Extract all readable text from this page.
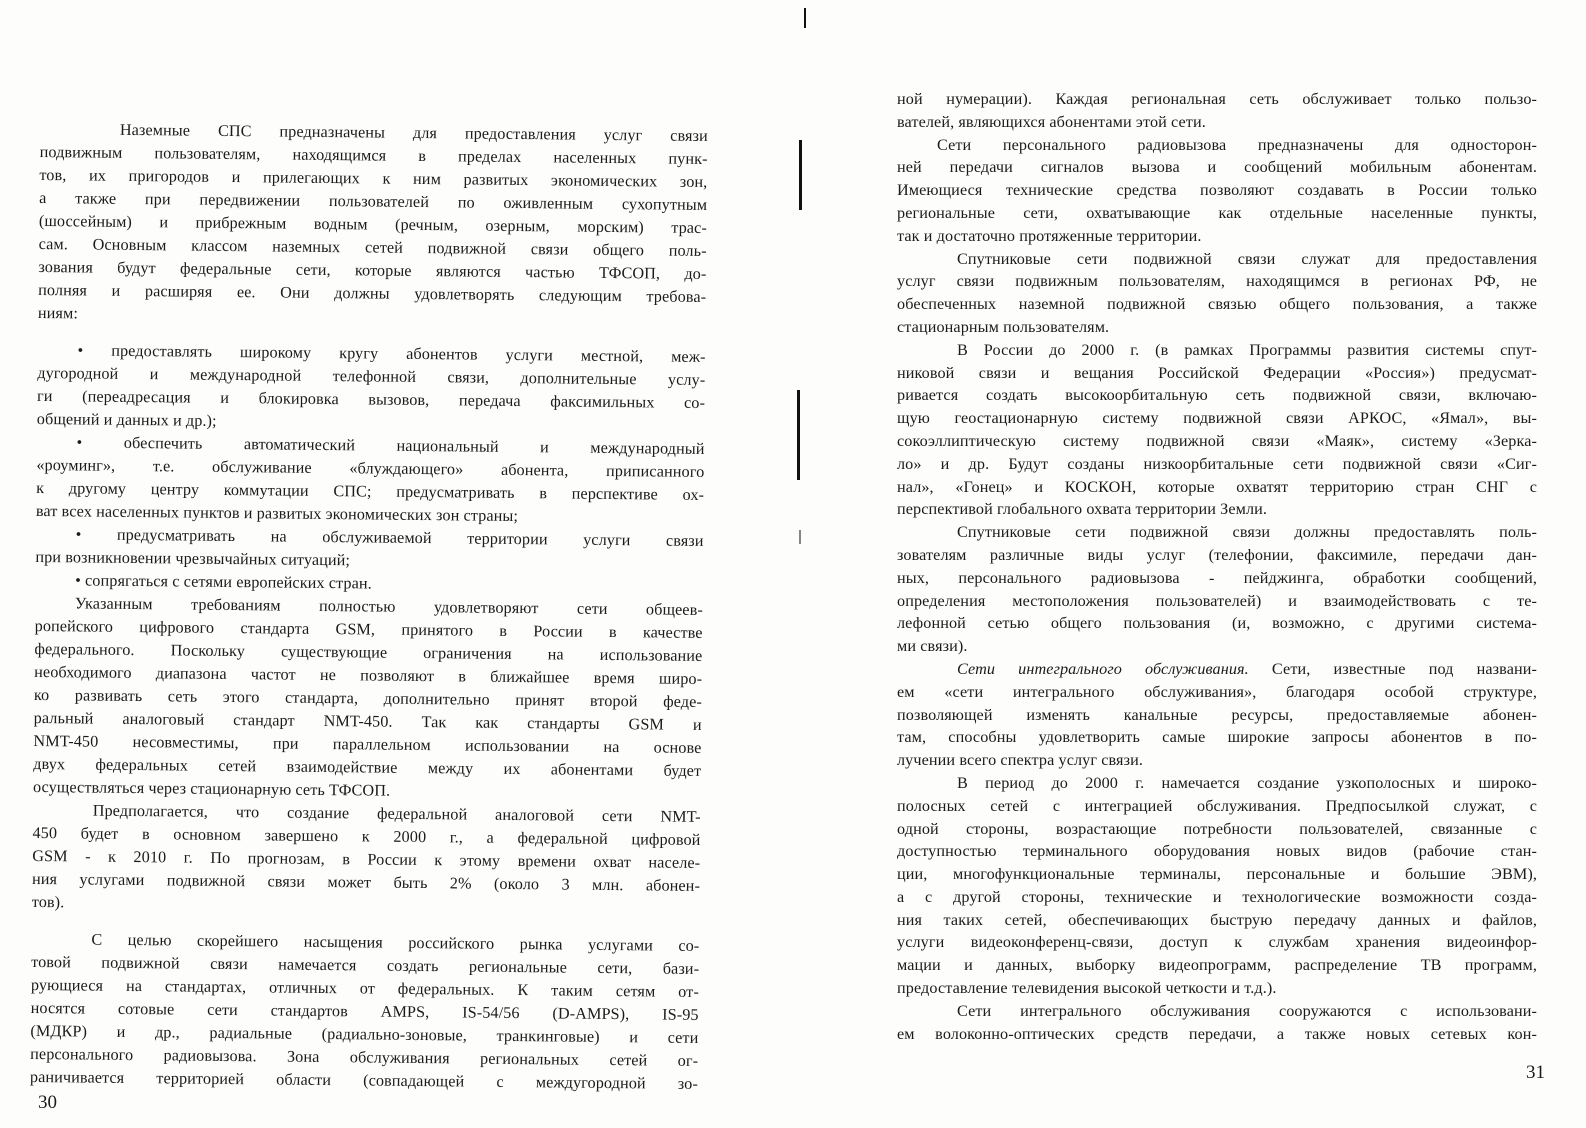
Наземные СПС предназначены для предоставления услуг связи
подвижным пользователям, находящимся в пределах населенных пунк-
тов, их пригородов и прилегающих к ним развитых экономических зон,
а также при передвижении пользователей по оживленным сухопутным
(шоссейным) и прибрежным водным (речным, озерным, морским) трас-
сам. Основным классом наземных сетей подвижной связи общего поль-
зования будут федеральные сети, которые являются частью ТФСОП, до-
полняя и расширяя ее. Они должны удовлетворять следующим требова-
ниям:
• предоставлять широкому кругу абонентов услуги местной, меж-
дугородной и международной телефонной связи, дополнительные услу-
ги (переадресация и блокировка вызовов, передача факсимильных со-
общений и данных и др.);
• обеспечить автоматический национальный и международный
«роуминг», т.е. обслуживание «блуждающего» абонента, приписанного
к другому центру коммутации СПС; предусматривать в перспективе ох-
ват всех населенных пунктов и развитых экономических зон страны;
• предусматривать на обслуживаемой территории услуги связи
при возникновении чрезвычайных ситуаций;
• сопрягаться с сетями европейских стран.
Указанным требованиям полностью удовлетворяют сети общеев-
ропейского цифрового стандарта GSM, принятого в России в качестве
федерального. Поскольку существующие ограничения на использование
необходимого диапазона частот не позволяют в ближайшее время широ-
ко развивать сеть этого стандарта, дополнительно принят второй феде-
ральный аналоговый стандарт NMT-450. Так как стандарты GSM и
NMT-450 несовместимы, при параллельном использовании на основе
двух федеральных сетей взаимодействие между их абонентами будет
осуществляться через стационарную сеть ТФСОП.
Предполагается, что создание федеральной аналоговой сети NMT-
450 будет в основном завершено к 2000 г., а федеральной цифровой
GSM - к 2010 г. По прогнозам, в России к этому времени охват населе-
ния услугами подвижной связи может быть 2% (около 3 млн. абонен-
тов).
С целью скорейшего насыщения российского рынка услугами со-
товой подвижной связи намечается создать региональные сети, бази-
рующиеся на стандартах, отличных от федеральных. К таким сетям от-
носятся сотовые сети стандартов AMPS, IS-54/56 (D-AMPS), IS-95
(МДКР) и др., радиальные (радиально-зоновые, транкинговые) и сети
персонального радиовызова. Зона обслуживания региональных сетей ог-
раничивается территорией области (совпадающей с междугородной зо-
30
ной нумерации). Каждая региональная сеть обслуживает только пользо-
вателей, являющихся абонентами этой сети.
Сети персонального радиовызова предназначены для односторон-
ней передачи сигналов вызова и сообщений мобильным абонентам.
Имеющиеся технические средства позволяют создавать в России только
региональные сети, охватывающие как отдельные населенные пункты,
так и достаточно протяженные территории.
Спутниковые сети подвижной связи служат для предоставления
услуг связи подвижным пользователям, находящимся в регионах РФ, не
обеспеченных наземной подвижной связью общего пользования, а также
стационарным пользователям.
В России до 2000 г. (в рамках Программы развития системы спут-
никовой связи и вещания Российской Федерации «Россия») предусмат-
ривается создать высокоорбитальную сеть подвижной связи, включаю-
щую геостационарную систему подвижной связи АРКОС, «Ямал», вы-
сокоэллиптическую систему подвижной связи «Маяк», систему «Зерка-
ло» и др. Будут созданы низкоорбитальные сети подвижной связи «Сиг-
нал», «Гонец» и КОСКОН, которые охватят территорию стран СНГ с
перспективой глобального охвата территории Земли.
Спутниковые сети подвижной связи должны предоставлять поль-
зователям различные виды услуг (телефонии, факсимиле, передачи дан-
ных, персонального радиовызова - пейджинга, обработки сообщений,
определения местоположения пользователей) и взаимодействовать с те-
лефонной сетью общего пользования (и, возможно, с другими система-
ми связи).
Сети интегрального обслуживания. Сети, известные под названи-
ем «сети интегрального обслуживания», благодаря особой структуре,
позволяющей изменять канальные ресурсы, предоставляемые абонен-
там, способны удовлетворить самые широкие запросы абонентов в по-
лучении всего спектра услуг связи.
В период до 2000 г. намечается создание узкополосных и широко-
полосных сетей с интеграцией обслуживания. Предпосылкой служат, с
одной стороны, возрастающие потребности пользователей, связанные с
доступностью терминального оборудования новых видов (рабочие стан-
ции, многофункциональные терминалы, персональные и большие ЭВМ),
а с другой стороны, технические и технологические возможности созда-
ния таких сетей, обеспечивающих быструю передачу данных и файлов,
услуги видеоконференц-связи, доступ к службам хранения видеоинфор-
мации и данных, выборку видеопрограмм, распределение ТВ программ,
предоставление телевидения высокой четкости и т.д.).
Сети интегрального обслуживания сооружаются с использовани-
ем волоконно-оптических средств передачи, а также новых сетевых кон-
31
